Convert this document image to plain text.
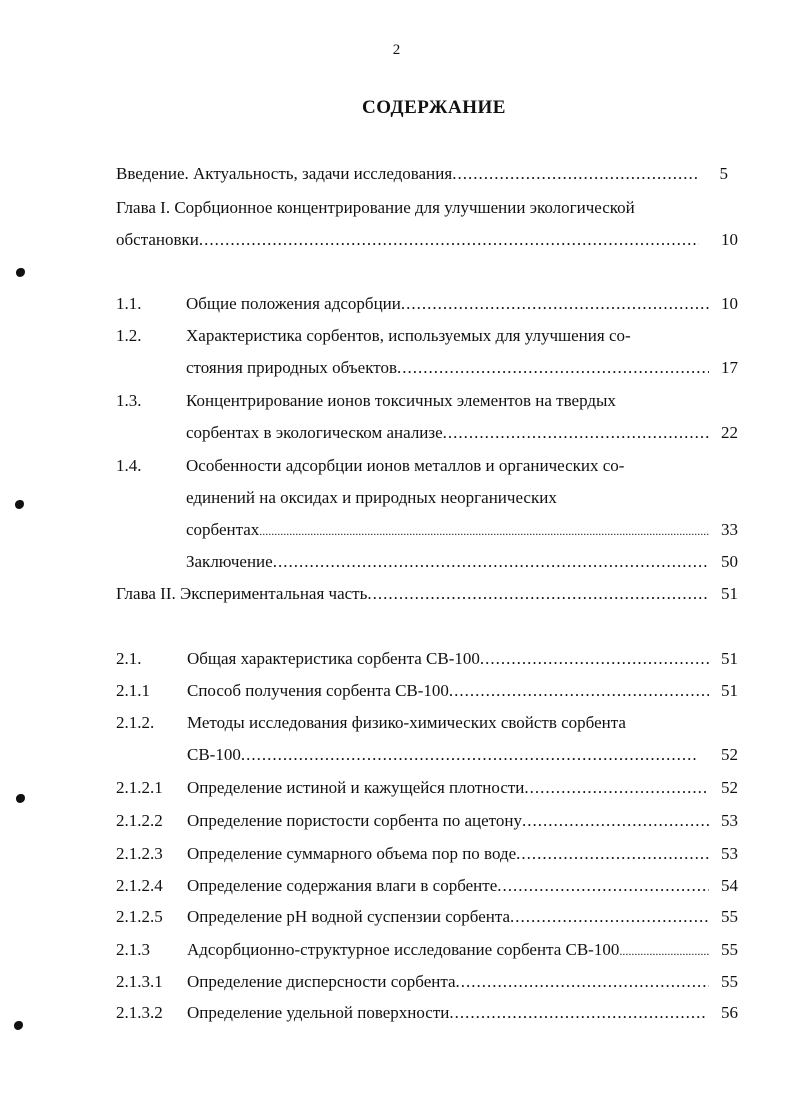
2
СОДЕРЖАНИЕ
Введение. Актуальность, задачи исследования .....	5
Глава I. Сорбционное концентрирование для улучшении экологической
обстановки .....	10
1.1.	Общие положения адсорбции .....	10
1.2.	Характеристика сорбентов, используемых для улучшения со-
стояния природных объектов .....	17
1.3.	Концентрирование ионов токсичных элементов на твердых
сорбентах в экологическом анализе .....	22
1.4.	Особенности адсорбции ионов металлов и органических со-
единений на оксидах и природных неорганических
сорбентах .....	33
Заключение .....	50
Глава II. Экспериментальная часть .....	51
2.1.	Общая характеристика сорбента СВ-100 .....	51
2.1.1 Способ получения сорбента СВ-100 .....	51
2.1.2. Методы исследования физико-химических свойств сорбента
СВ-100 .....	52
2.1.2.1 Определение истиной и кажущейся плотности .....	52
2.1.2.2 Определение пористости сорбента по ацетону .....	53
2.1.2.3 Определение суммарного объема пор по воде .....	53
2.1.2.4 Определение содержания влаги в сорбенте .....	54
2.1.2.5 Определение pH водной суспензии сорбента .....	55
2.1.3 Адсорбционно-структурное исследование сорбента СВ-100 .....	55
2.1.3.1 Определение дисперсности сорбента .....	55
2.1.3.2 Определение удельной поверхности .....	56
